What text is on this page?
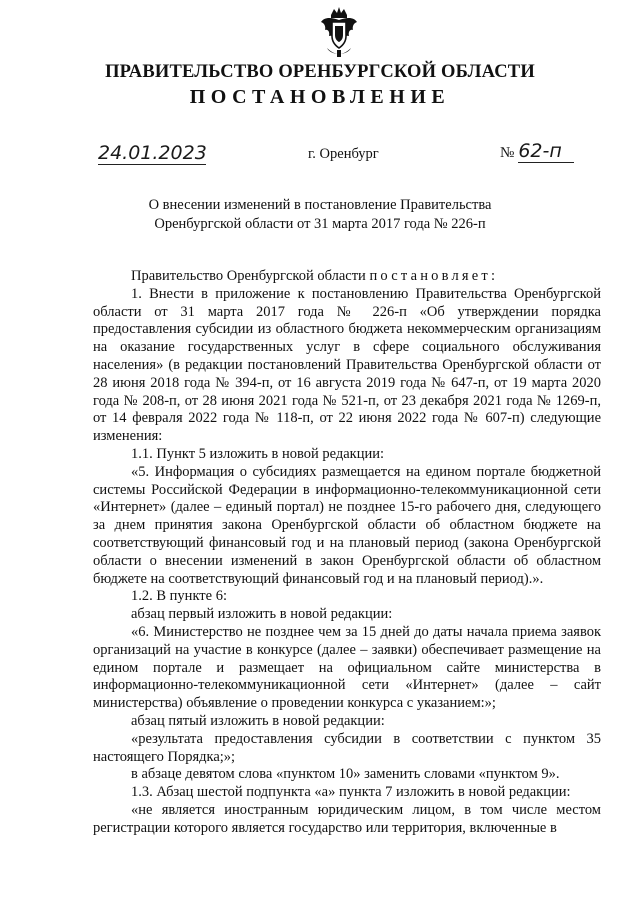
ПРАВИТЕЛЬСТВО ОРЕНБУРГСКОЙ ОБЛАСТИ
ПОСТАНОВЛЕНИЕ
24.01.2023	г. Оренбург	№ 62-п
О внесении изменений в постановление Правительства
Оренбургской области от 31 марта 2017 года № 226-п

Правительство Оренбургской области постановляет:

1. Внести в приложение к постановлению Правительства Оренбургской области от 31 марта 2017 года № 226-п «Об утверждении порядка предоставления субсидии из областного бюджета некоммерческим организациям на оказание государственных услуг в сфере социального обслуживания населения» (в редакции постановлений Правительства Оренбургской области от 28 июня 2018 года № 394-п, от 16 августа 2019 года № 647-п, от 19 марта 2020 года № 208-п, от 28 июня 2021 года № 521-п, от 23 декабря 2021 года № 1269-п, от 14 февраля 2022 года № 118-п, от 22 июня 2022 года № 607-п) следующие изменения:

1.1. Пункт 5 изложить в новой редакции:

«5. Информация о субсидиях размещается на едином портале бюджетной системы Российской Федерации в информационно-телекоммуникационной сети «Интернет» (далее – единый портал) не позднее 15-го рабочего дня, следующего за днем принятия закона Оренбургской области об областном бюджете на соответствующий финансовый год и на плановый период (закона Оренбургской области о внесении изменений в закон Оренбургской области об областном бюджете на соответствующий финансовый год и на плановый период).».

1.2. В пункте 6:

абзац первый изложить в новой редакции:

«6. Министерство не позднее чем за 15 дней до даты начала приема заявок организаций на участие в конкурсе (далее – заявки) обеспечивает размещение на едином портале и размещает на официальном сайте министерства в информационно-телекоммуникационной сети «Интернет» (далее – сайт министерства) объявление о проведении конкурса с указанием:»;

абзац пятый изложить в новой редакции:

«результата предоставления субсидии в соответствии с пунктом 35 настоящего Порядка;»;

в абзаце девятом слова «пунктом 10» заменить словами «пунктом 9».

1.3. Абзац шестой подпункта «а» пункта 7 изложить в новой редакции:

«не является иностранным юридическим лицом, в том числе местом регистрации которого является государство или территория, включенные в
